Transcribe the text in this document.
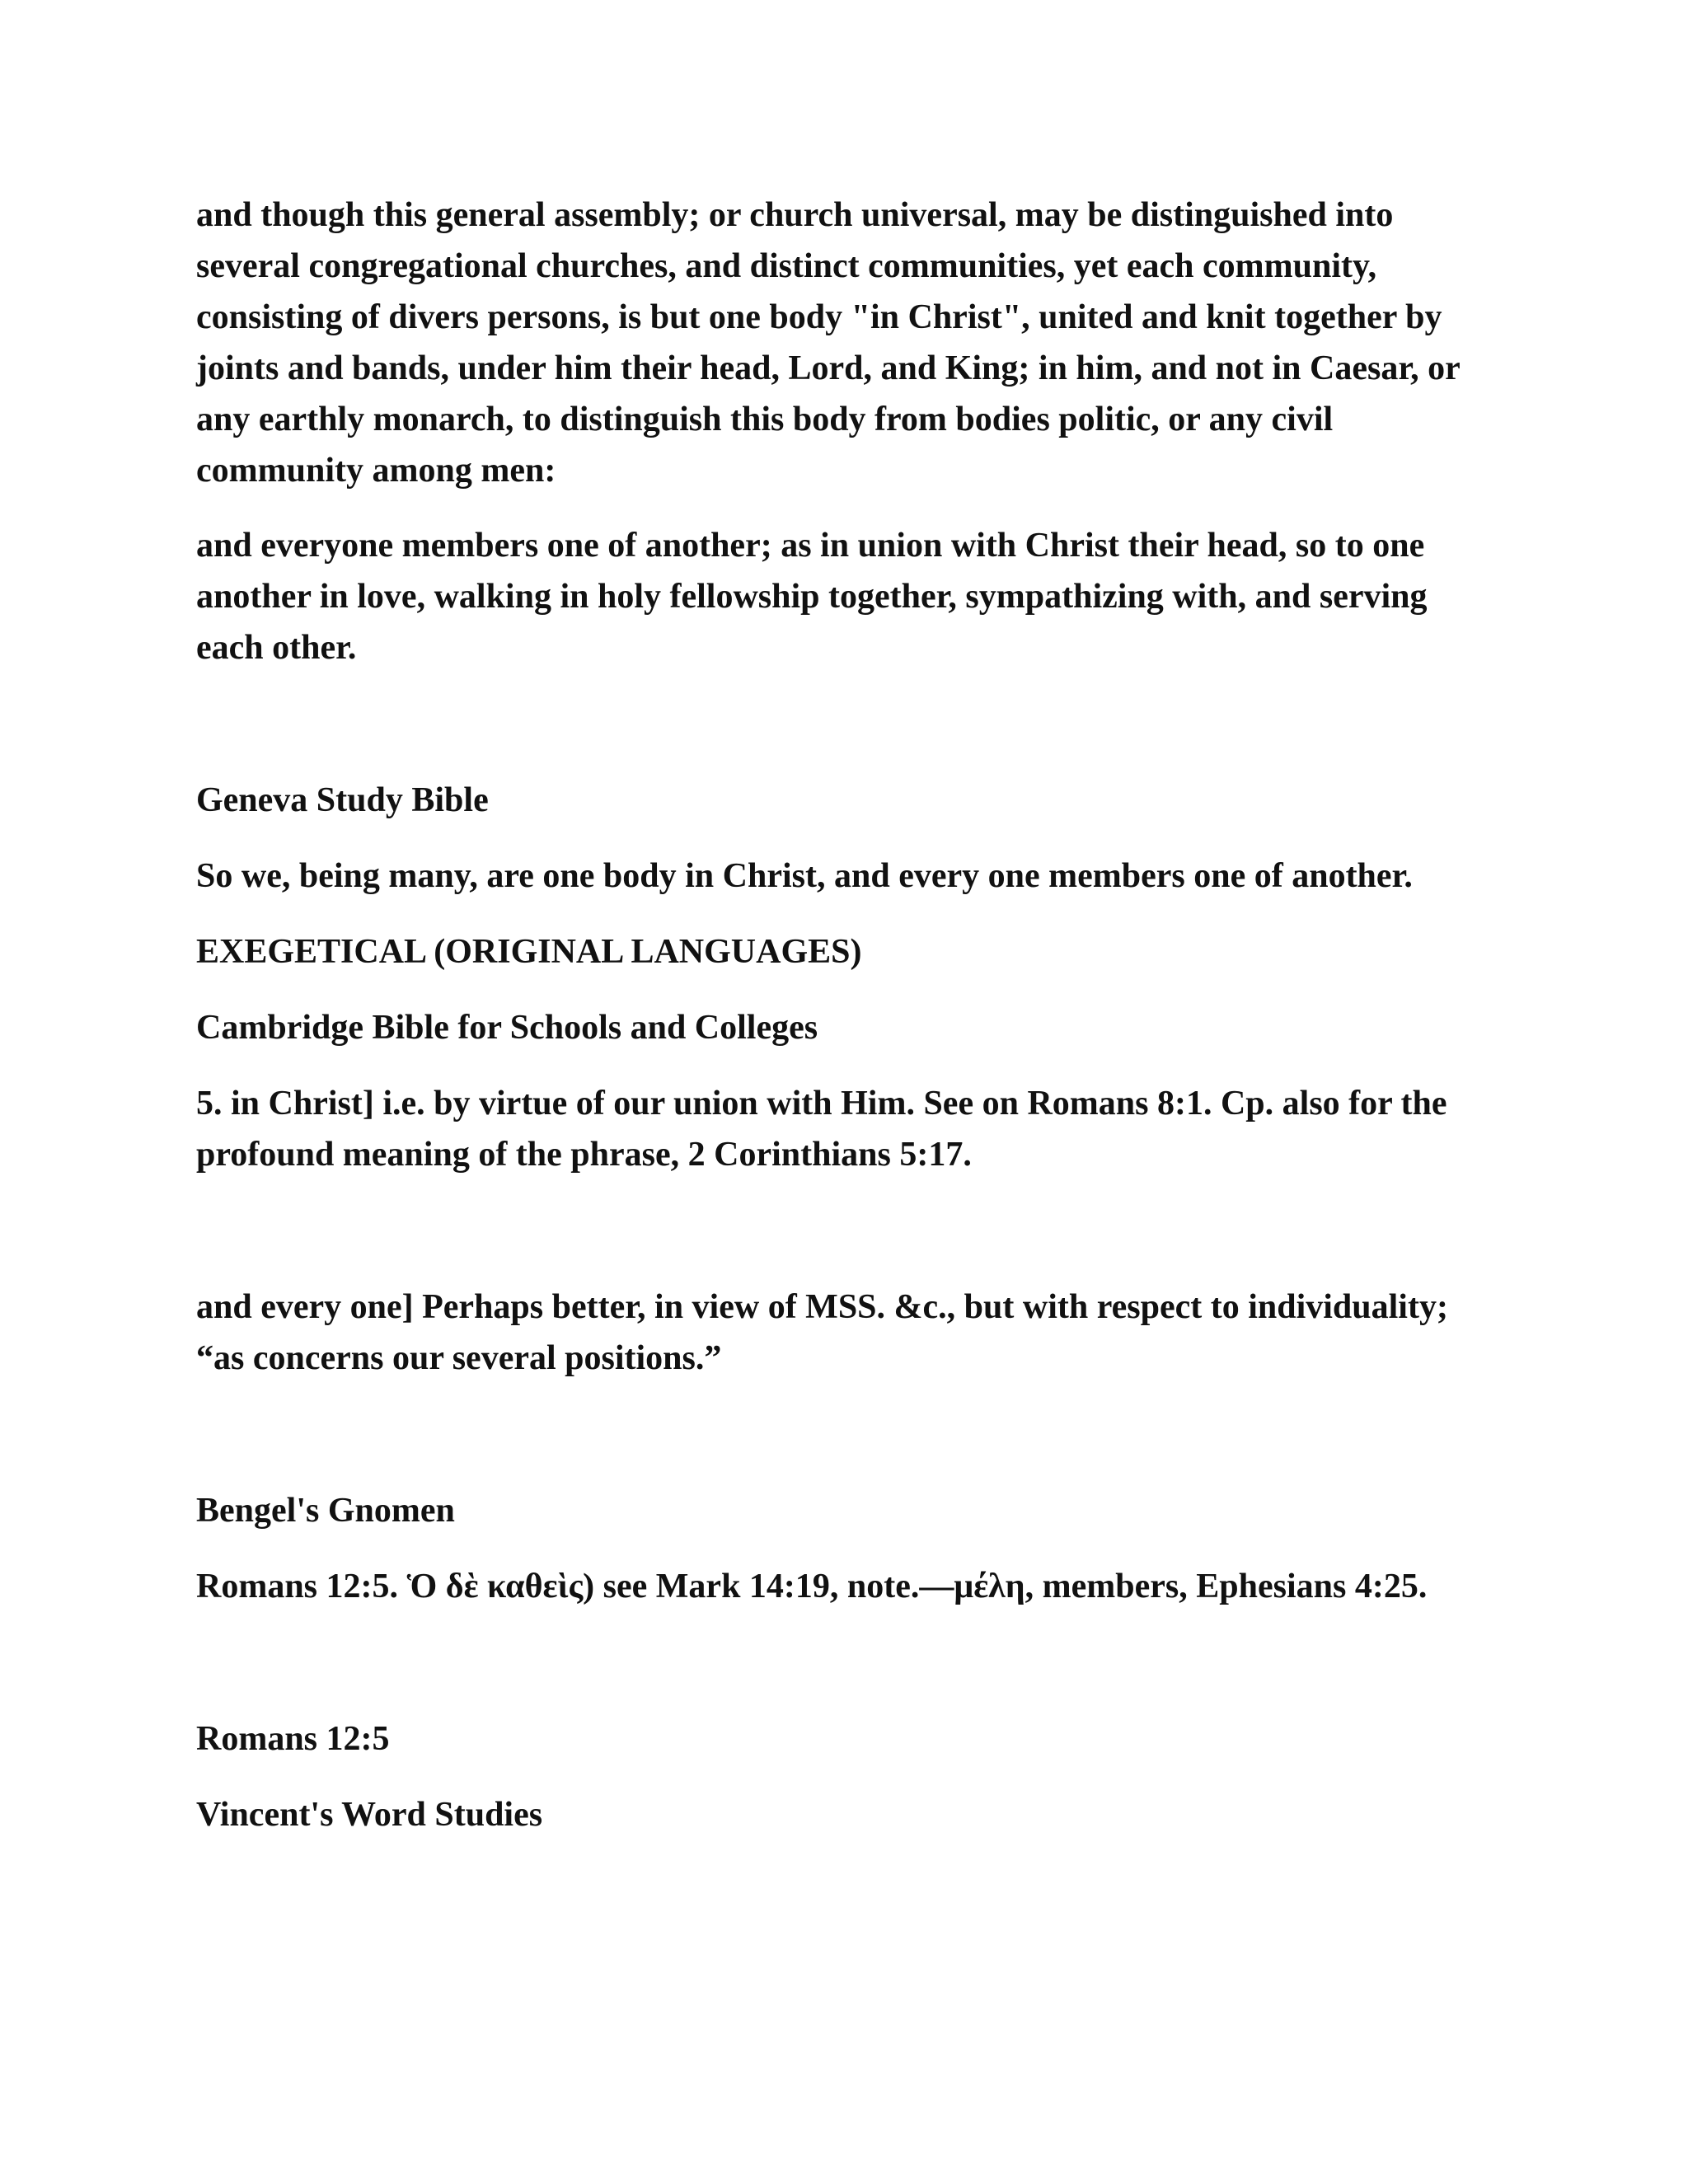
and though this general assembly; or church universal, may be distinguished into several congregational churches, and distinct communities, yet each community, consisting of divers persons, is but one body "in Christ", united and knit together by joints and bands, under him their head, Lord, and King; in him, and not in Caesar, or any earthly monarch, to distinguish this body from bodies politic, or any civil community among men:

and everyone members one of another; as in union with Christ their head, so to one another in love, walking in holy fellowship together, sympathizing with, and serving each other.

Geneva Study Bible

So we, being many, are one body in Christ, and every one members one of another.

EXEGETICAL (ORIGINAL LANGUAGES)

Cambridge Bible for Schools and Colleges

5. in Christ] i.e. by virtue of our union with Him. See on Romans 8:1. Cp. also for the profound meaning of the phrase, 2 Corinthians 5:17.

and every one] Perhaps better, in view of MSS. &c., but with respect to individuality; “as concerns our several positions.”

Bengel's Gnomen

Romans 12:5. Ὁ δὲ καθεὶς) see Mark 14:19, note.—μέλη, members, Ephesians 4:25.

Romans 12:5

Vincent's Word Studies
